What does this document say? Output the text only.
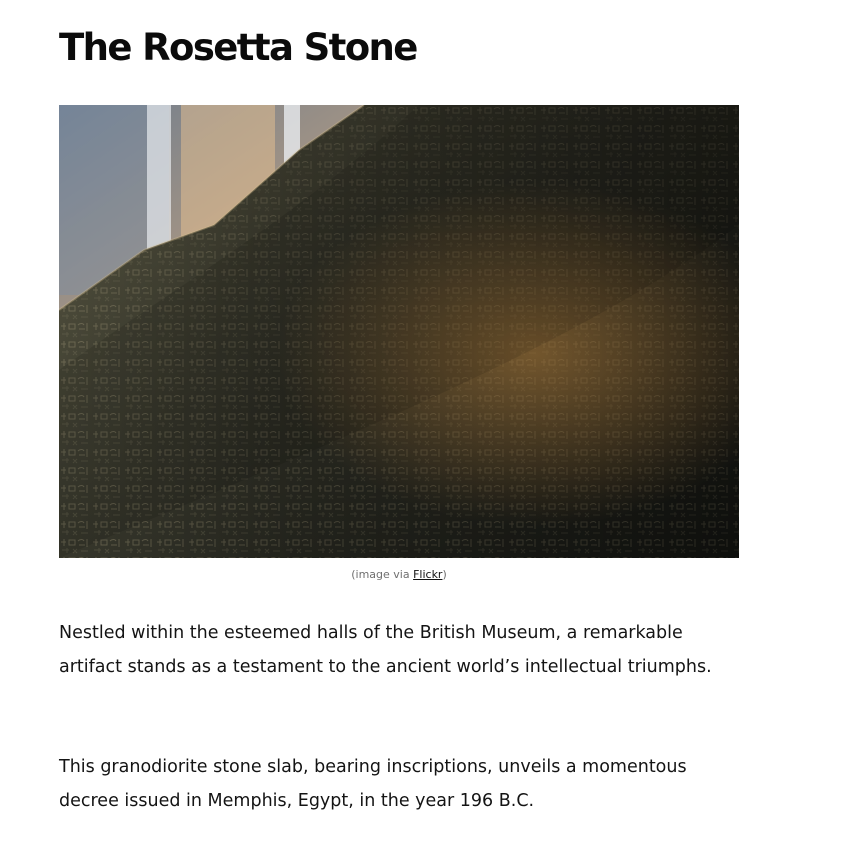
The Rosetta Stone
(image via Flickr)

Nestled within the esteemed halls of the British Museum, a remarkable artifact stands as a testament to the ancient world’s intellectual triumphs.

This granodiorite stone slab, bearing inscriptions, unveils a momentous decree issued in Memphis, Egypt, in the year 196 B.C.
